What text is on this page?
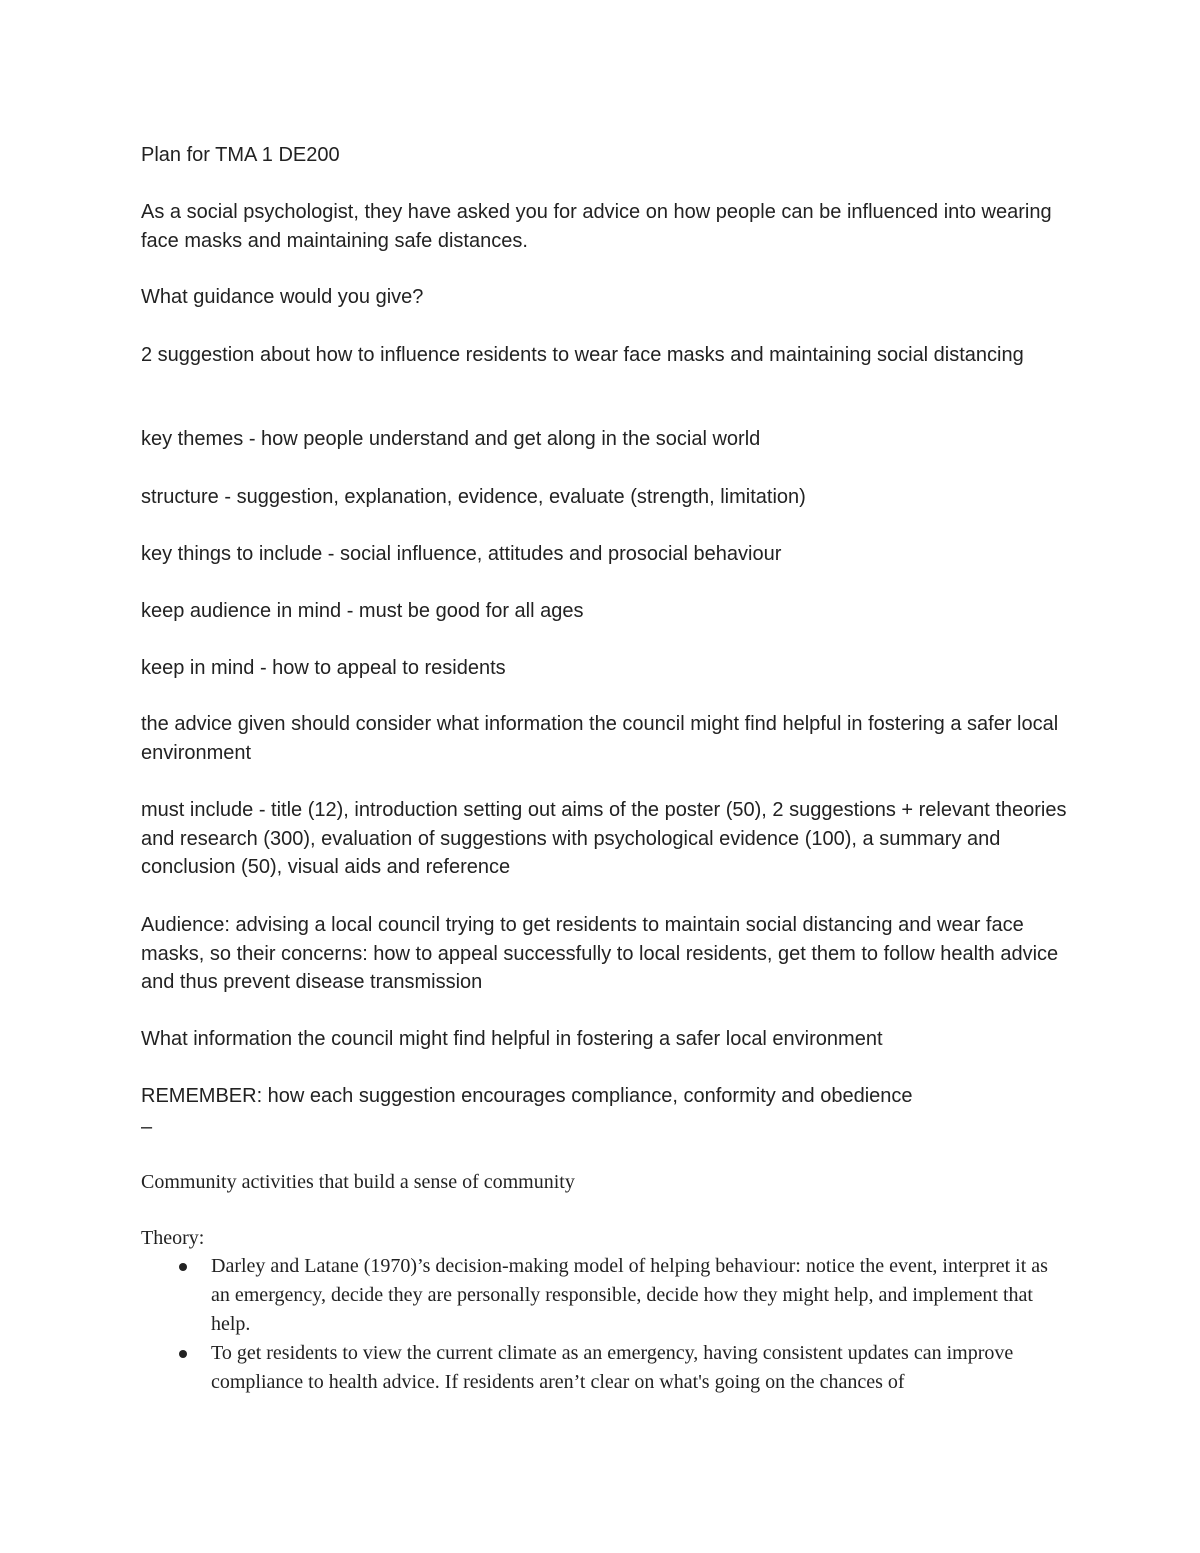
Plan for TMA 1 DE200

As a social psychologist, they have asked you for advice on how people can be influenced into wearing face masks and maintaining safe distances.

What guidance would you give?

2 suggestion about how to influence residents to wear face masks and maintaining social distancing

key themes - how people understand and get along in the social world

structure - suggestion, explanation, evidence, evaluate (strength, limitation)

key things to include - social influence, attitudes and prosocial behaviour

keep audience in mind - must be good for all ages

keep in mind - how to appeal to residents

the advice given should consider what information the council might find helpful in fostering a safer local environment

must include - title (12), introduction setting out aims of the poster (50), 2 suggestions + relevant theories and research (300), evaluation of suggestions with psychological evidence (100), a summary and conclusion (50), visual aids and reference

Audience: advising a local council trying to get residents to maintain social distancing and wear face masks, so their concerns: how to appeal successfully to local residents, get them to follow health advice and thus prevent disease transmission

What information the council might find helpful in fostering a safer local environment

REMEMBER: how each suggestion encourages compliance, conformity and obedience

–

Community activities that build a sense of community

Theory:

Darley and Latane (1970)’s decision-making model of helping behaviour: notice the event, interpret it as an emergency, decide they are personally responsible, decide how they might help, and implement that help.
To get residents to view the current climate as an emergency, having consistent updates can improve compliance to health advice. If residents aren’t clear on what's going on the chances of
